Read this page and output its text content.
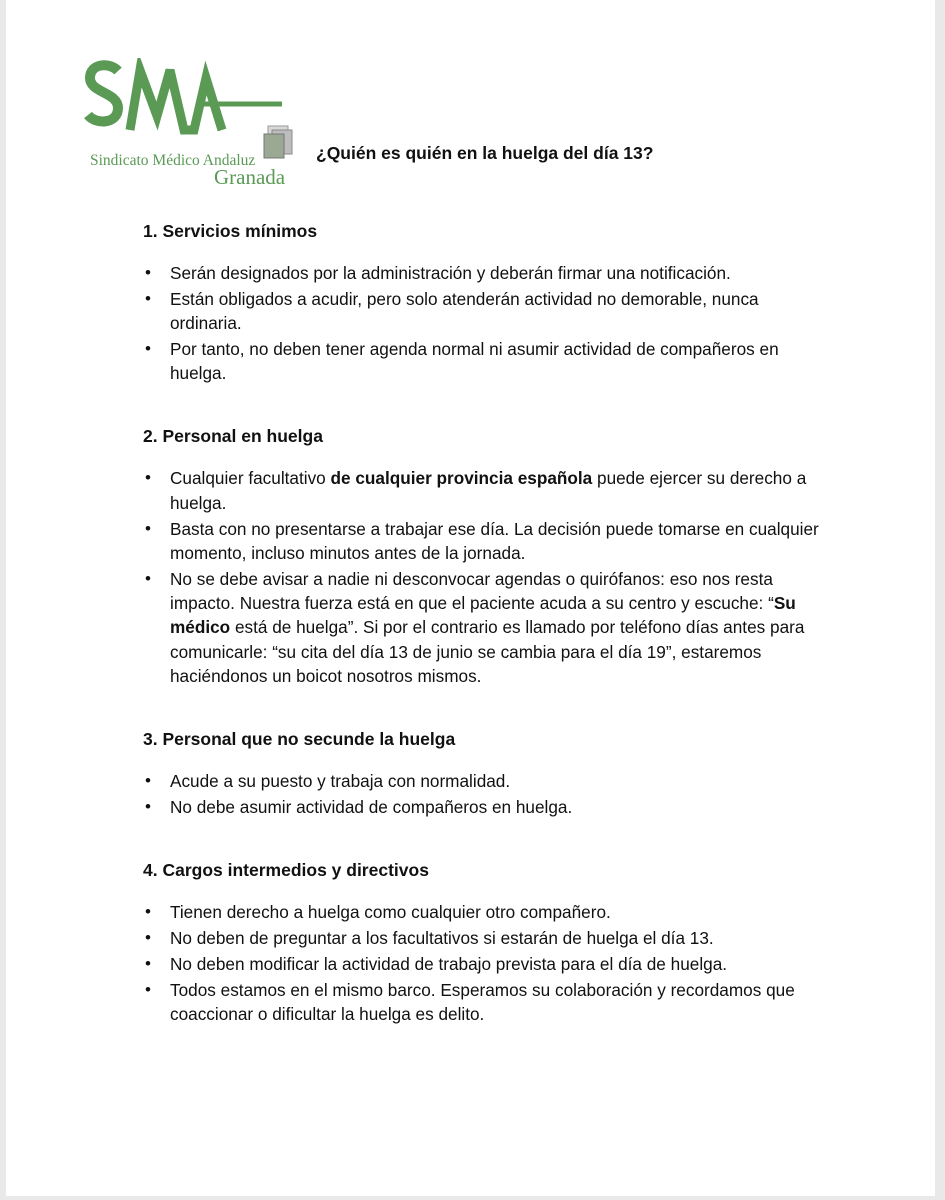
Sindicato Médico Andaluz
Granada
¿Quién es quién en la huelga del día 13?
1. Servicios mínimos
• Serán designados por la administración y deberán firmar una notificación.
• Están obligados a acudir, pero solo atenderán actividad no demorable, nunca ordinaria.
• Por tanto, no deben tener agenda normal ni asumir actividad de compañeros en huelga.
2. Personal en huelga
• Cualquier facultativo de cualquier provincia española puede ejercer su derecho a huelga.
• Basta con no presentarse a trabajar ese día. La decisión puede tomarse en cualquier momento, incluso minutos antes de la jornada.
• No se debe avisar a nadie ni desconvocar agendas o quirófanos: eso nos resta impacto. Nuestra fuerza está en que el paciente acuda a su centro y escuche: “Su médico está de huelga”. Si por el contrario es llamado por teléfono días antes para comunicarle: “su cita del día 13 de junio se cambia para el día 19”, estaremos haciéndonos un boicot nosotros mismos.
3. Personal que no secunde la huelga
• Acude a su puesto y trabaja con normalidad.
• No debe asumir actividad de compañeros en huelga.
4. Cargos intermedios y directivos
• Tienen derecho a huelga como cualquier otro compañero.
• No deben de preguntar a los facultativos si estarán de huelga el día 13.
• No deben modificar la actividad de trabajo prevista para el día de huelga.
• Todos estamos en el mismo barco. Esperamos su colaboración y recordamos que coaccionar o dificultar la huelga es delito.
